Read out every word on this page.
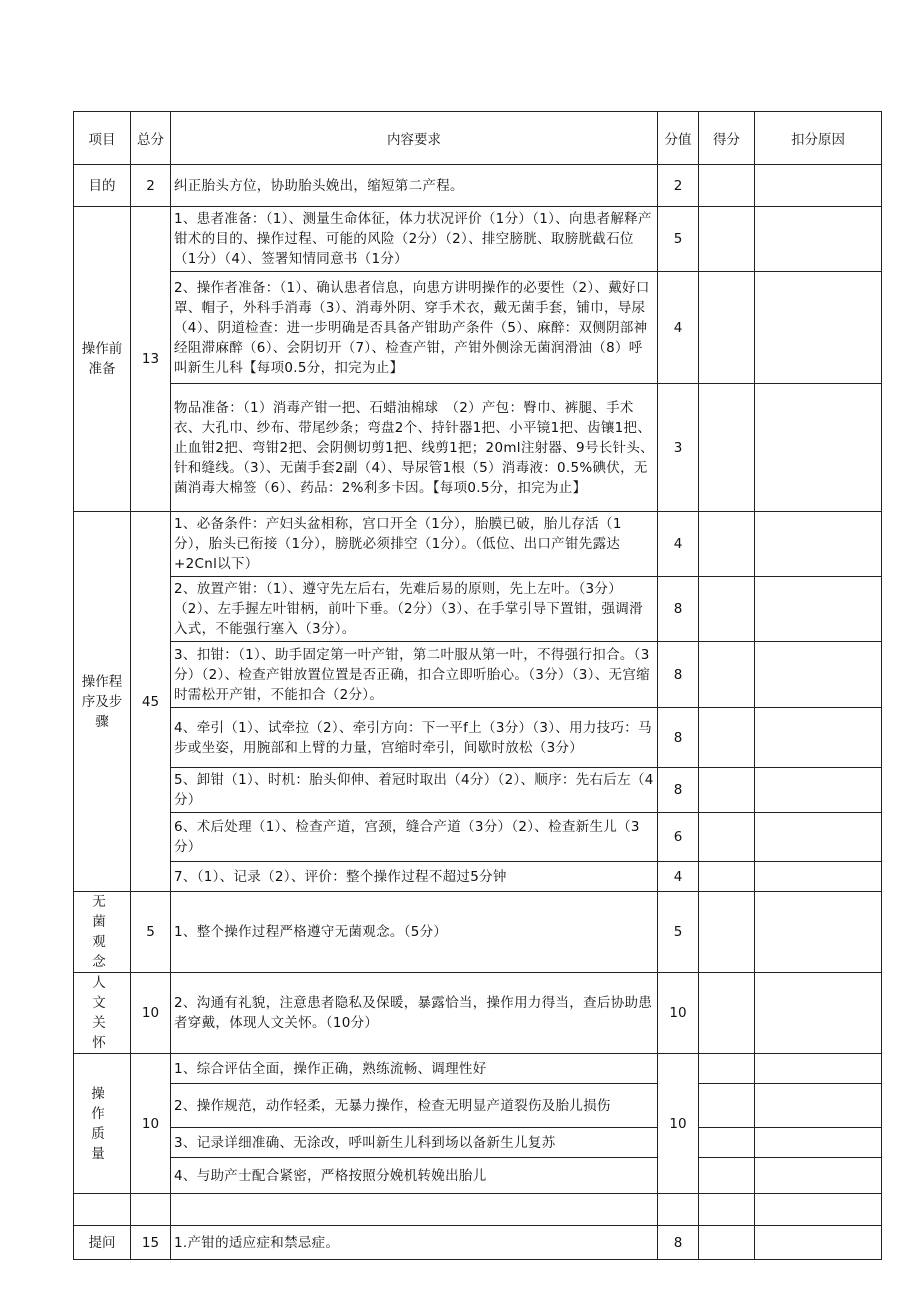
项目	总分	内容要求	分值	得分	扣分原因
目的	2	纠正胎头方位，协助胎头娩出，缩短第二产程。	2		
操作前准备	13	1、患者准备：（1）、测量生命体征，体力状况评价（1分）（1）、向患者解释产钳术的目的、操作过程、可能的风险（2分）（2）、排空膀胱、取膀胱截石位（1分）（4）、签署知情同意书（1分）	5		
		2、操作者准备：（1）、确认患者信息，向患方讲明操作的必要性（2）、戴好口罩、帽子，外科手消毒（3）、消毒外阴、穿手术衣，戴无菌手套，铺巾，导尿（4）、阴道检查：进一步明确是否具备产钳助产条件（5）、麻醉：双侧阴部神经阻滞麻醉（6）、会阴切开（7）、检查产钳，产钳外侧涂无菌润滑油（8）呼叫新生儿科【每项0.5分，扣完为止】	4		
		物品准备：（1）消毒产钳一把、石蜡油棉球　（2）产包：臀巾、裤腿、手术衣、大孔巾、纱布、带尾纱条；弯盘2个、持针器1把、小平镜1把、齿镶1把、止血钳2把、弯钳2把、会阴侧切剪1把、线剪1把；20ml注射器、9号长针头、针和缝线。（3）、无菌手套2副（4）、导尿管1根（5）消毒液：0.5%碘伏，无菌消毒大棉签（6）、药品：2%利多卡因。【每项0.5分，扣完为止】	3		
操作程序及步骤	45	1、必备条件：产妇头盆相称，宫口开全（1分），胎膜已破，胎儿存活（1分），胎头已衔接（1分），膀胱必须排空（1分）。（低位、出口产钳先露达+2Cnl以下）	4		
		2、放置产钳：（1）、遵守先左后右，先难后易的原则，先上左叶。（3分）（2）、左手握左叶钳柄，前叶下垂。（2分）（3）、在手掌引导下置钳，强调滑入式，不能强行塞入（3分）。	8		
		3、扣钳：（1）、助手固定第一叶产钳，第二叶服从第一叶，不得强行扣合。（3分）（2）、检查产钳放置位置是否正确，扣合立即听胎心。（3分）（3）、无宫缩时需松开产钳，不能扣合（2分）。	8		
		4、牵引（1）、试牵拉（2）、牵引方向：下一平f上（3分）（3）、用力技巧：马步或坐姿，用腕部和上臂的力量，宫缩时牵引，间歇时放松（3分）	8		
		5、卸钳（1）、时机：胎头仰伸、着冠时取出（4分）（2）、顺序：先右后左（4分）	8		
		6、术后处理（1）、检查产道，宫颈，缝合产道（3分）（2）、检查新生儿（3分）	6		
		7、（1）、记录（2）、评价：整个操作过程不超过5分钟	4		
无菌观念	5	1、整个操作过程严格遵守无菌观念。（5分）	5		
人文关怀	10	2、沟通有礼貌，注意患者隐私及保暖，暴露恰当，操作用力得当，查后协助患者穿戴，体现人文关怀。（10分）	10		
操作质量	10	1、综合评估全面，操作正确，熟练流畅、调理性好	10		
		2、操作规范，动作轻柔，无暴力操作，检查无明显产道裂伤及胎儿损伤			
		3、记录详细准确、无涂改，呼叫新生儿科到场以备新生儿复苏			
		4、与助产士配合紧密，严格按照分娩机转娩出胎儿			

提问	15	1.产钳的适应症和禁忌症。	8		
